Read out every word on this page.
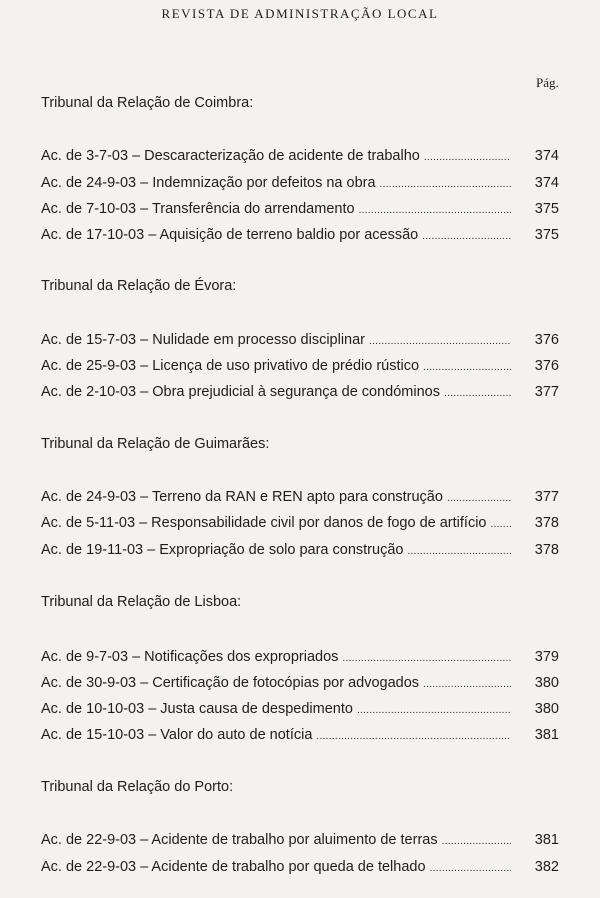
REVISTA DE ADMINISTRAÇÃO LOCAL
Pág.
Tribunal da Relação de Coimbra:
Ac. de 3-7-03 – Descaracterização de acidente de trabalho .....	374
Ac. de 24-9-03 – Indemnização por defeitos na obra .....	374
Ac. de 7-10-03 – Transferência do arrendamento .....	375
Ac. de 17-10-03 – Aquisição de terreno baldio por acessão .....	375
Tribunal da Relação de Évora:
Ac. de 15-7-03 – Nulidade em processo disciplinar .....	376
Ac. de 25-9-03 – Licença de uso privativo de prédio rústico .....	376
Ac. de 2-10-03 – Obra prejudicial à segurança de condóminos .....	377
Tribunal da Relação de Guimarães:
Ac. de 24-9-03 – Terreno da RAN e REN apto para construção .....	377
Ac. de 5-11-03 – Responsabilidade civil por danos de fogo de artifício .....	378
Ac. de 19-11-03 – Expropriação de solo para construção .....	378
Tribunal da Relação de Lisboa:
Ac. de 9-7-03 – Notificações dos expropriados .....	379
Ac. de 30-9-03 – Certificação de fotocópias por advogados .....	380
Ac. de 10-10-03 – Justa causa de despedimento .....	380
Ac. de 15-10-03 – Valor do auto de notícia .....	381
Tribunal da Relação do Porto:
Ac. de 22-9-03 – Acidente de trabalho por aluimento de terras .....	381
Ac. de 22-9-03 – Acidente de trabalho por queda de telhado .....	382
